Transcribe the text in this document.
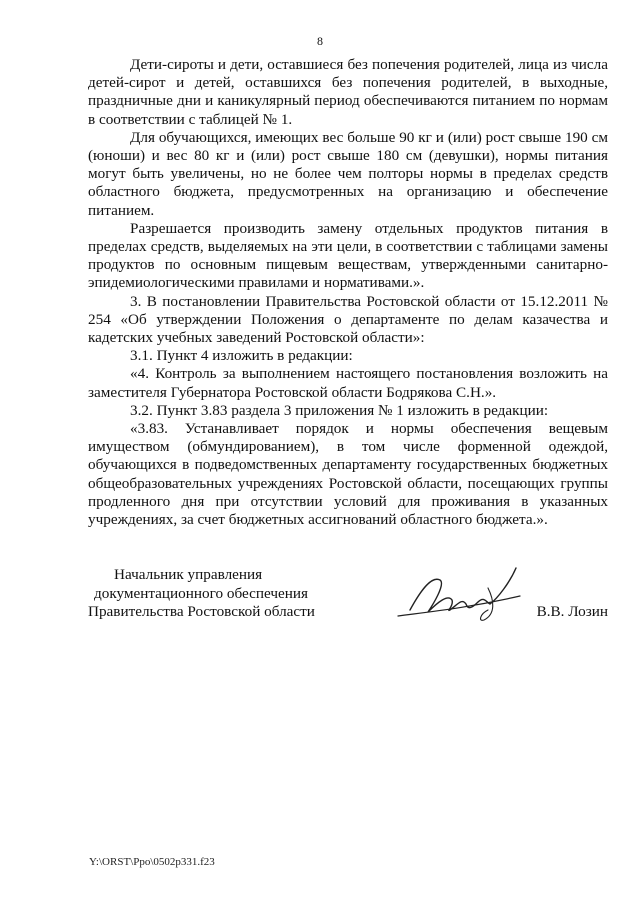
8

Дети-сироты и дети, оставшиеся без попечения родителей, лица из числа детей-сирот и детей, оставшихся без попечения родителей, в выходные, праздничные дни и каникулярный период обеспечиваются питанием по нормам в соответствии с таблицей № 1.

Для обучающихся, имеющих вес больше 90 кг и (или) рост свыше 190 см (юноши) и вес 80 кг и (или) рост свыше 180 см (девушки), нормы питания могут быть увеличены, но не более чем полторы нормы в пределах средств областного бюджета, предусмотренных на организацию и обеспечение питанием.

Разрешается производить замену отдельных продуктов питания в пределах средств, выделяемых на эти цели, в соответствии с таблицами замены продуктов по основным пищевым веществам, утвержденными санитарно-эпидемиологическими правилами и нормативами.».

3. В постановлении Правительства Ростовской области от 15.12.2011 № 254 «Об утверждении Положения о департаменте по делам казачества и кадетских учебных заведений Ростовской области»:

3.1. Пункт 4 изложить в редакции:

«4. Контроль за выполнением настоящего постановления возложить на заместителя Губернатора Ростовской области Бодрякова С.Н.».

3.2. Пункт 3.83 раздела 3 приложения № 1 изложить в редакции:

«3.83. Устанавливает порядок и нормы обеспечения вещевым имуществом (обмундированием), в том числе форменной одеждой, обучающихся в подведомственных департаменту государственных бюджетных общеобразовательных учреждениях Ростовской области, посещающих группы продленного дня при отсутствии условий для проживания в указанных учреждениях, за счет бюджетных ассигнований областного бюджета.».

Начальник управления
документационного обеспечения
Правительства Ростовской области	В.В. Лозин
Y:\ORST\Ppo\0502p331.f23
